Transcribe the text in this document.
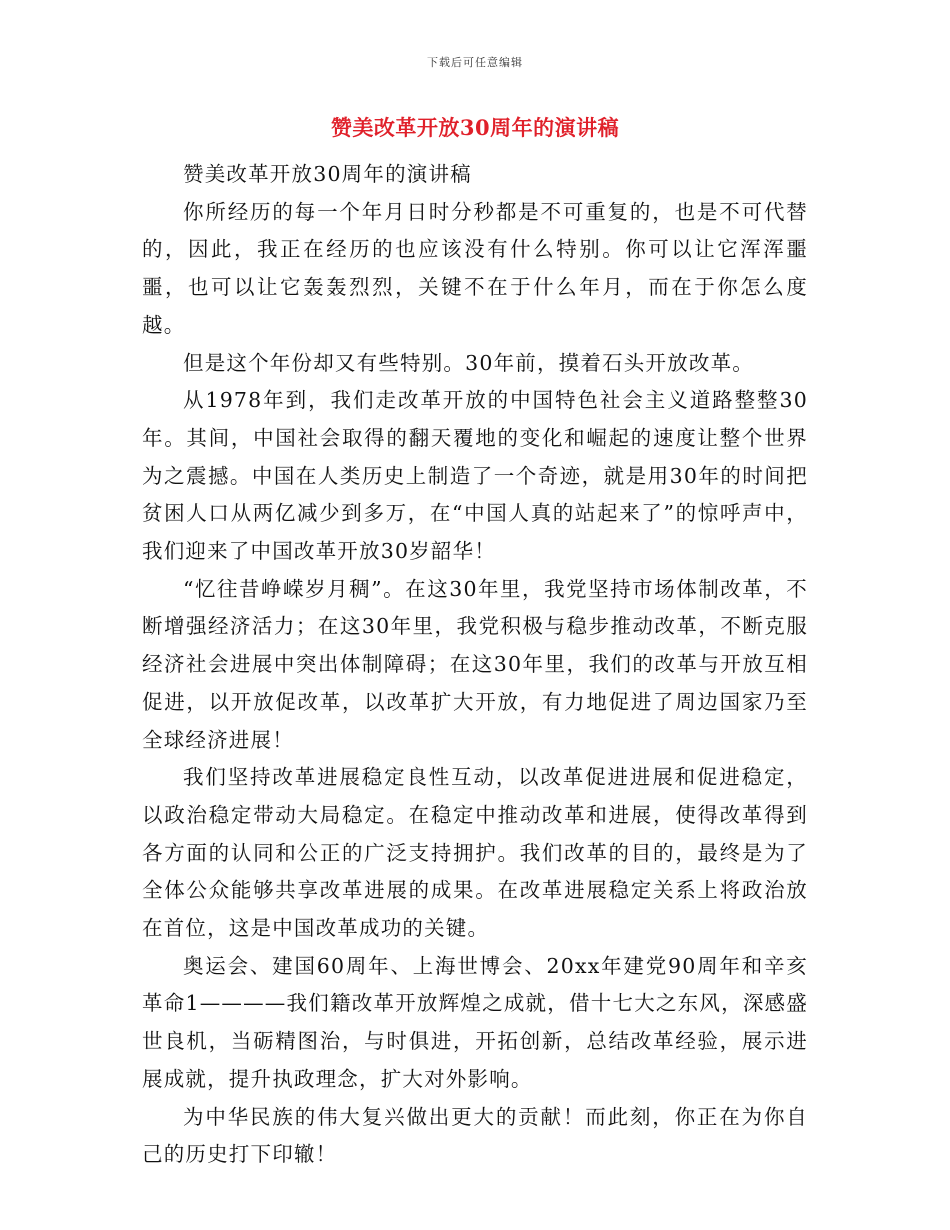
下载后可任意编辑
赞美改革开放30周年的演讲稿

赞美改革开放30周年的演讲稿

你所经历的每一个年月日时分秒都是不可重复的，也是不可代替的，因此，我正在经历的也应该没有什么特别。你可以让它浑浑噩噩，也可以让它轰轰烈烈，关键不在于什么年月，而在于你怎么度越。

但是这个年份却又有些特别。30年前，摸着石头开放改革。

从1978年到，我们走改革开放的中国特色社会主义道路整整30年。其间，中国社会取得的翻天覆地的变化和崛起的速度让整个世界为之震撼。中国在人类历史上制造了一个奇迹，就是用30年的时间把贫困人口从两亿减少到多万，在“中国人真的站起来了”的惊呼声中，我们迎来了中国改革开放30岁韶华！

“忆往昔峥嵘岁月稠”。在这30年里，我党坚持市场体制改革，不断增强经济活力；在这30年里，我党积极与稳步推动改革，不断克服经济社会进展中突出体制障碍；在这30年里，我们的改革与开放互相促进，以开放促改革，以改革扩大开放，有力地促进了周边国家乃至全球经济进展！

我们坚持改革进展稳定良性互动，以改革促进进展和促进稳定，以政治稳定带动大局稳定。在稳定中推动改革和进展，使得改革得到各方面的认同和公正的广泛支持拥护。我们改革的目的，最终是为了全体公众能够共享改革进展的成果。在改革进展稳定关系上将政治放在首位，这是中国改革成功的关键。

奥运会、建国60周年、上海世博会、20xx年建党90周年和辛亥革命1————我们籍改革开放辉煌之成就，借十七大之东风，深感盛世良机，当砺精图治，与时俱进，开拓创新，总结改革经验，展示进展成就，提升执政理念，扩大对外影响。

为中华民族的伟大复兴做出更大的贡献！而此刻，你正在为你自己的历史打下印辙！
